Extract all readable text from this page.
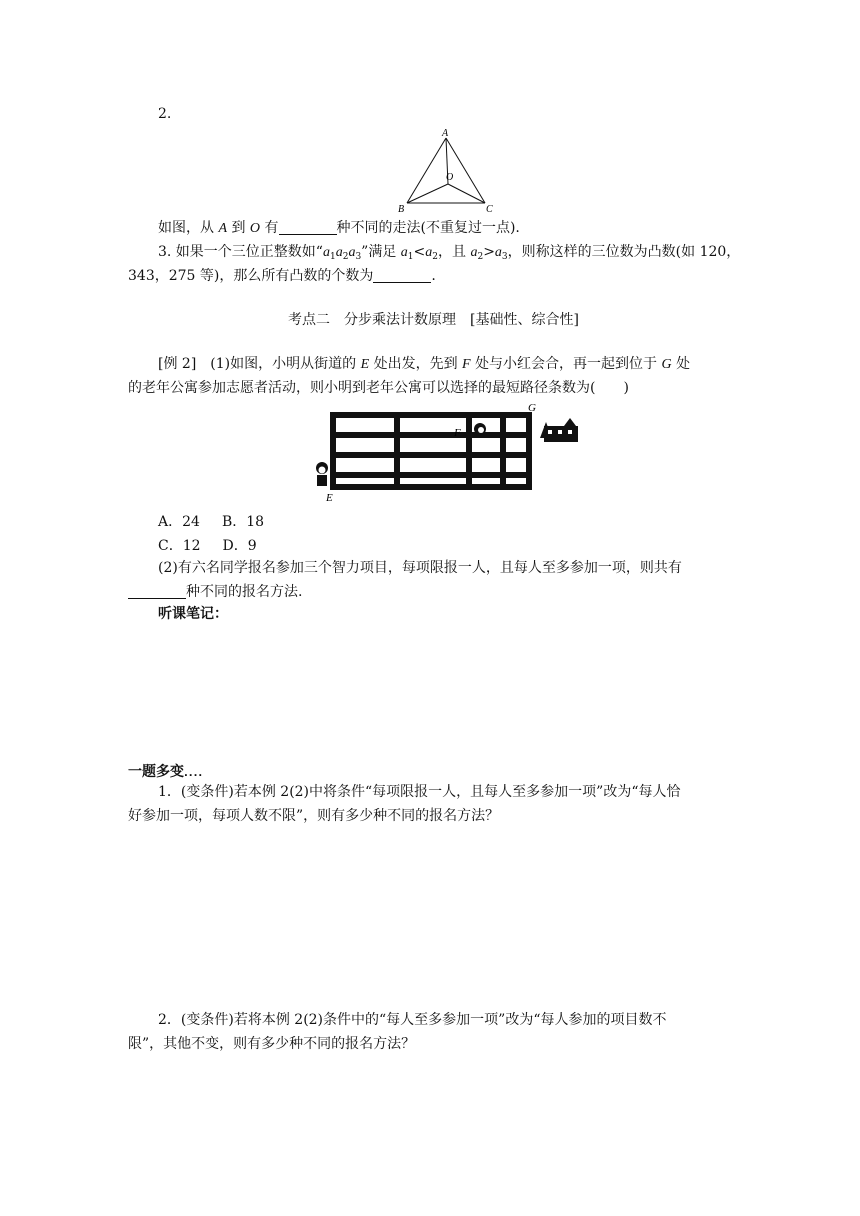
2.
A
O
B	C
如图，从 A 到 O 有	种不同的走法(不重复过一点).
3. 如果一个三位正整数如“$a_1a_2a_3$”满足 $a_1<a_2$，且 $a_2>a_3$，则称这样的三位数为凸数(如 120，
343，275 等)，那么所有凸数的个数为	.
考点二　分步乘法计数原理　[基础性、综合性]
[例 2]　 (1)如图，小明从街道的 E 处出发，先到 F 处与小红会合，再一起到位于 G 处
的老年公寓参加志愿者活动，则小明到老年公寓可以选择的最短路径条数为(　　)
E
F
G
A．24 B．18
C．12 D．9
(2)有六名同学报名参加三个智力项目，每项限报一人，且每人至多参加一项，则共有
种不同的报名方法.
听课笔记：
一题多变....
1．(变条件)若本例 2(2)中将条件“每项限报一人，且每人至多参加一项”改为“每人恰
好参加一项，每项人数不限”，则有多少种不同的报名方法？
2．(变条件)若将本例 2(2)条件中的“每人至多参加一项”改为“每人参加的项目数不
限”，其他不变，则有多少种不同的报名方法？
